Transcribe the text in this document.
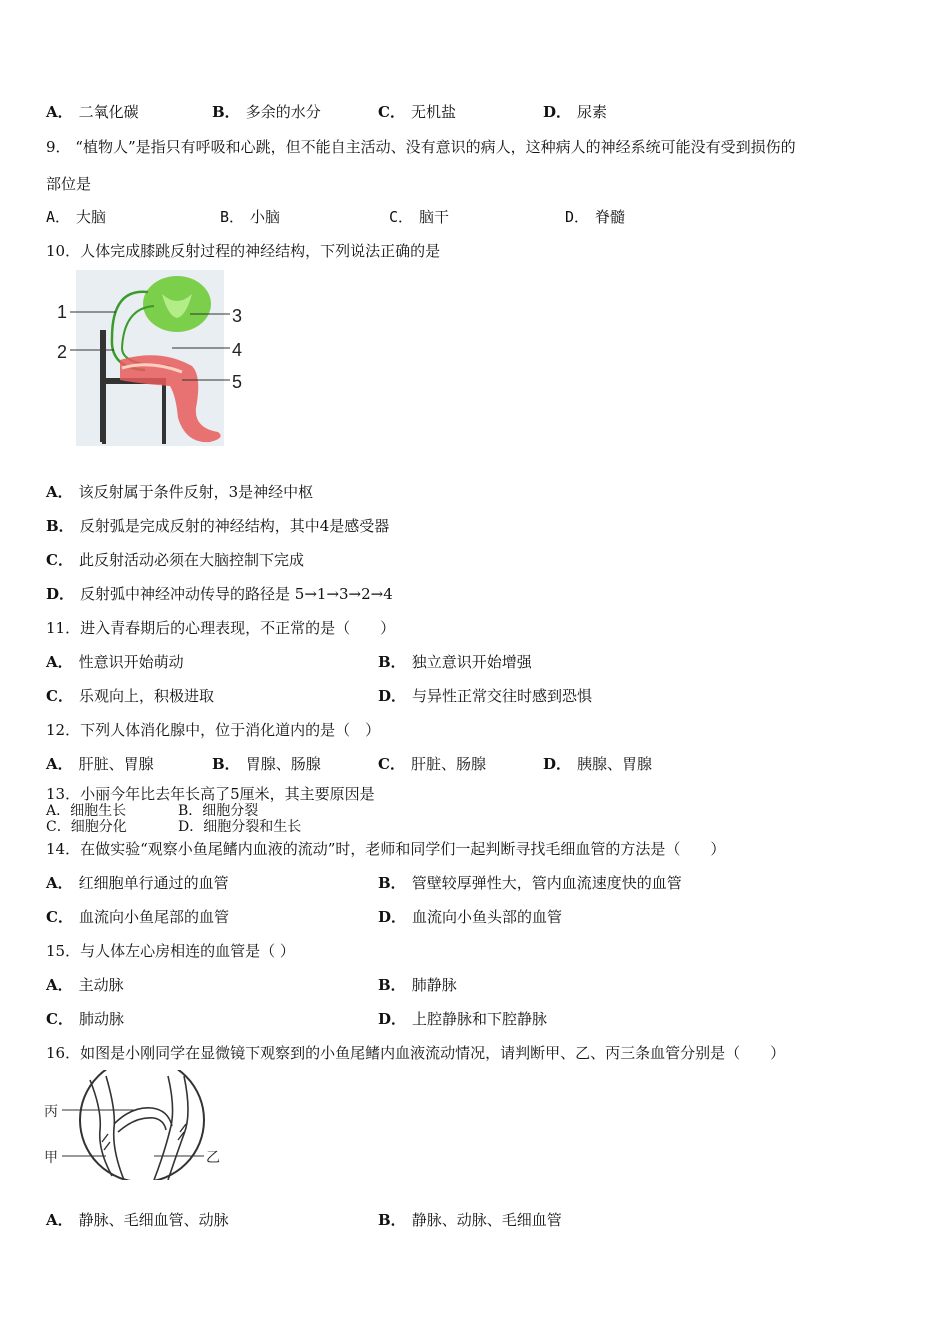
A． 二氧化碳	B． 多余的水分	C． 无机盐	D． 尿素
9． “植物人”是指只有呼吸和心跳，但不能自主活动、没有意识的病人，这种病人的神经系统可能没有受到损伤的
部位是
A． 大脑	B． 小脑	C． 脑干	D． 脊髓
10．人体完成膝跳反射过程的神经结构，下列说法正确的是
1
2
3
4
5
A． 该反射属于条件反射，3是神经中枢
B． 反射弧是完成反射的神经结构，其中4是感受器
C． 此反射活动必须在大脑控制下完成
D． 反射弧中神经冲动传导的路径是 5→1→3→2→4
11．进入青春期后的心理表现，不正常的是（　　）
A． 性意识开始萌动	B． 独立意识开始增强
C． 乐观向上，积极进取	D． 与异性正常交往时感到恐惧
12．下列人体消化腺中，位于消化道内的是（　）
A． 肝脏、胃腺	B． 胃腺、肠腺	C． 肝脏、肠腺	D． 胰腺、胃腺
13．小丽今年比去年长高了5厘米，其主要原因是
A．细胞生长	B．细胞分裂
C．细胞分化	D．细胞分裂和生长
14．在做实验“观察小鱼尾鳍内血液的流动”时，老师和同学们一起判断寻找毛细血管的方法是（　　）
A． 红细胞单行通过的血管	B． 管壁较厚弹性大，管内血流速度快的血管
C． 血流向小鱼尾部的血管	D． 血流向小鱼头部的血管
15．与人体左心房相连的血管是（ ）
A． 主动脉	B． 肺静脉
C． 肺动脉	D． 上腔静脉和下腔静脉
16．如图是小刚同学在显微镜下观察到的小鱼尾鳍内血液流动情况，请判断甲、乙、丙三条血管分别是（　　）
丙
甲	乙
A． 静脉、毛细血管、动脉	B． 静脉、动脉、毛细血管
